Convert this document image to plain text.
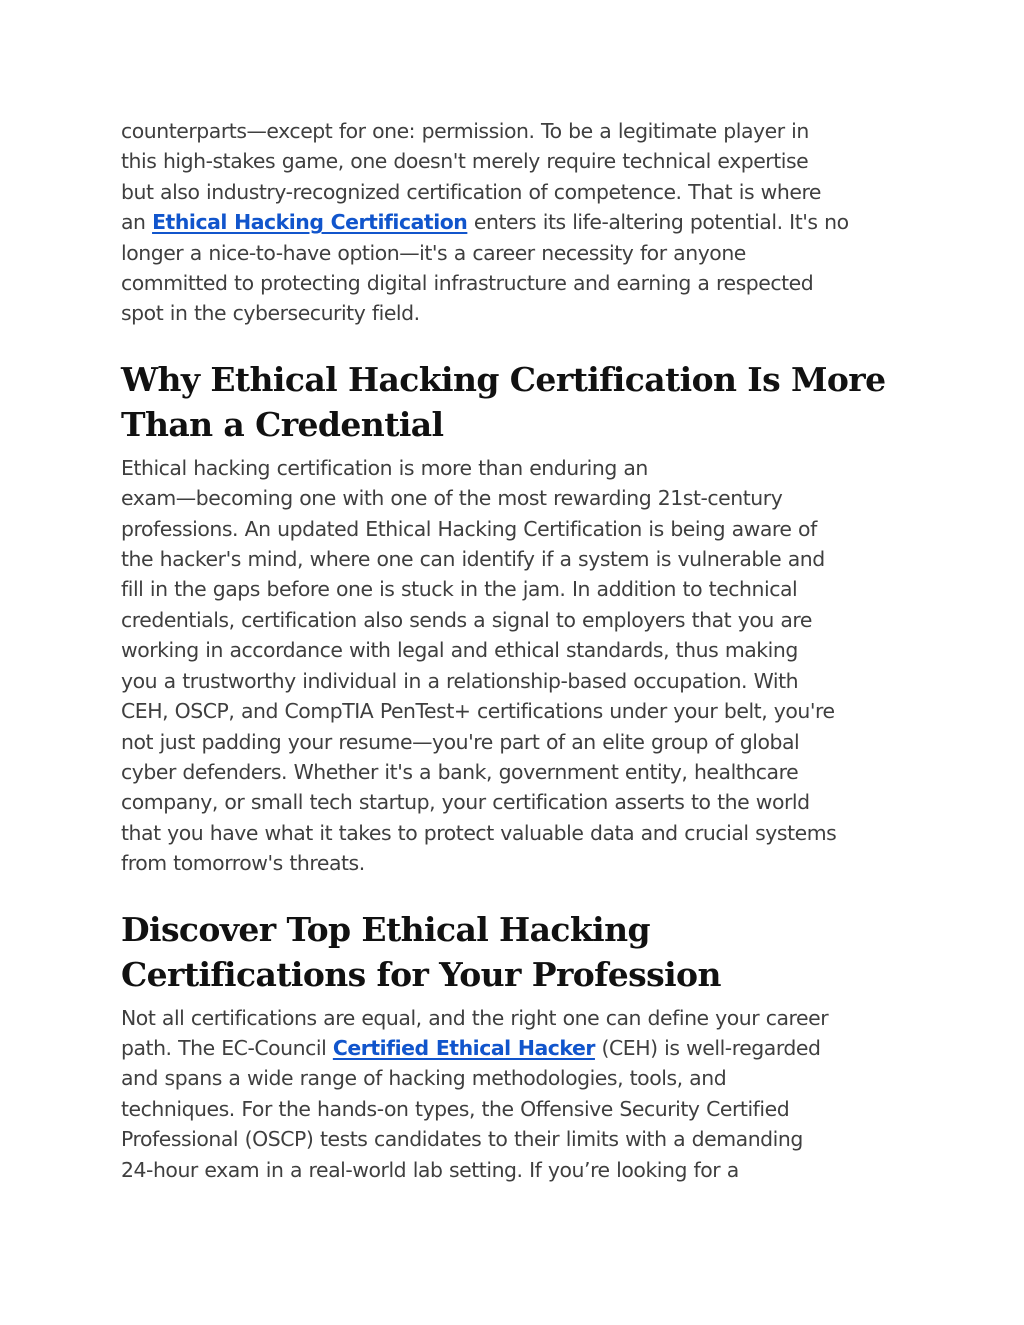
counterparts—except for one: permission. To be a legitimate player in
this high-stakes game, one doesn't merely require technical expertise
but also industry-recognized certification of competence. That is where
an Ethical Hacking Certification enters its life-altering potential. It's no
longer a nice-to-have option—it's a career necessity for anyone
committed to protecting digital infrastructure and earning a respected
spot in the cybersecurity field.

Why Ethical Hacking Certification Is More
Than a Credential

Ethical hacking certification is more than enduring an
exam—becoming one with one of the most rewarding 21st-century
professions. An updated Ethical Hacking Certification is being aware of
the hacker's mind, where one can identify if a system is vulnerable and
fill in the gaps before one is stuck in the jam. In addition to technical
credentials, certification also sends a signal to employers that you are
working in accordance with legal and ethical standards, thus making
you a trustworthy individual in a relationship-based occupation. With
CEH, OSCP, and CompTIA PenTest+ certifications under your belt, you're
not just padding your resume—you're part of an elite group of global
cyber defenders. Whether it's a bank, government entity, healthcare
company, or small tech startup, your certification asserts to the world
that you have what it takes to protect valuable data and crucial systems
from tomorrow's threats.

Discover Top Ethical Hacking
Certifications for Your Profession

Not all certifications are equal, and the right one can define your career
path. The EC-Council Certified Ethical Hacker (CEH) is well-regarded
and spans a wide range of hacking methodologies, tools, and
techniques. For the hands-on types, the Offensive Security Certified
Professional (OSCP) tests candidates to their limits with a demanding
24-hour exam in a real-world lab setting. If you’re looking for a
